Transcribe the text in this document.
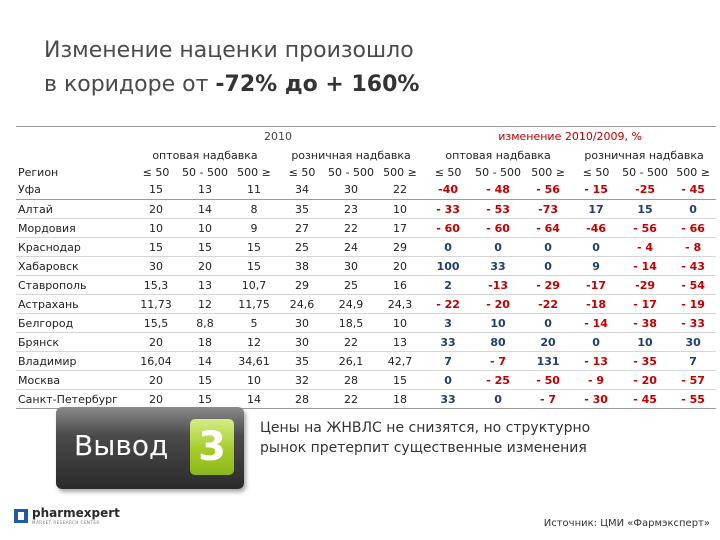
Изменение наценки произошло
в коридоре от -72% до + 160%
	2010						изменение 2010/2009, %					
	оптовая надбавка			розничная надбавка			оптовая надбавка			розничная надбавка		
Регион	≤ 50	50 - 500	500 ≥	≤ 50	50 - 500	500 ≥	≤ 50	50 - 500	500 ≥	≤ 50	50 - 500	500 ≥
Уфа	15	13	11	34	30	22	-40	- 48	- 56	- 15	-25	- 45
Алтай	20	14	8	35	23	10	- 33	- 53	-73	17	15	0
Мордовия	10	10	9	27	22	17	- 60	- 60	- 64	-46	- 56	- 66
Краснодар	15	15	15	25	24	29	0	0	0	0	- 4	- 8
Хабаровск	30	20	15	38	30	20	100	33	0	9	- 14	- 43
Ставрополь	15,3	13	10,7	29	25	16	2	-13	- 29	-17	-29	- 54
Астрахань	11,73	12	11,75	24,6	24,9	24,3	- 22	- 20	-22	-18	- 17	- 19
Белгород	15,5	8,8	5	30	18,5	10	3	10	0	- 14	- 38	- 33
Брянск	20	18	12	30	22	13	33	80	20	0	10	30
Владимир	16,04	14	34,61	35	26,1	42,7	7	- 7	131	- 13	- 35	7
Москва	20	15	10	32	28	15	0	- 25	- 50	- 9	- 20	- 57
Санкт-Петербург	20	15	14	28	22	18	33	0	- 7	- 30	- 45	- 55
Вывод 3	Цены на ЖНВЛС не снизятся, но структурно рынок претерпит существенные изменения
pharmexpert
MARKET RESEARCH CENTER	Источник: ЦМИ «Фармэксперт»
